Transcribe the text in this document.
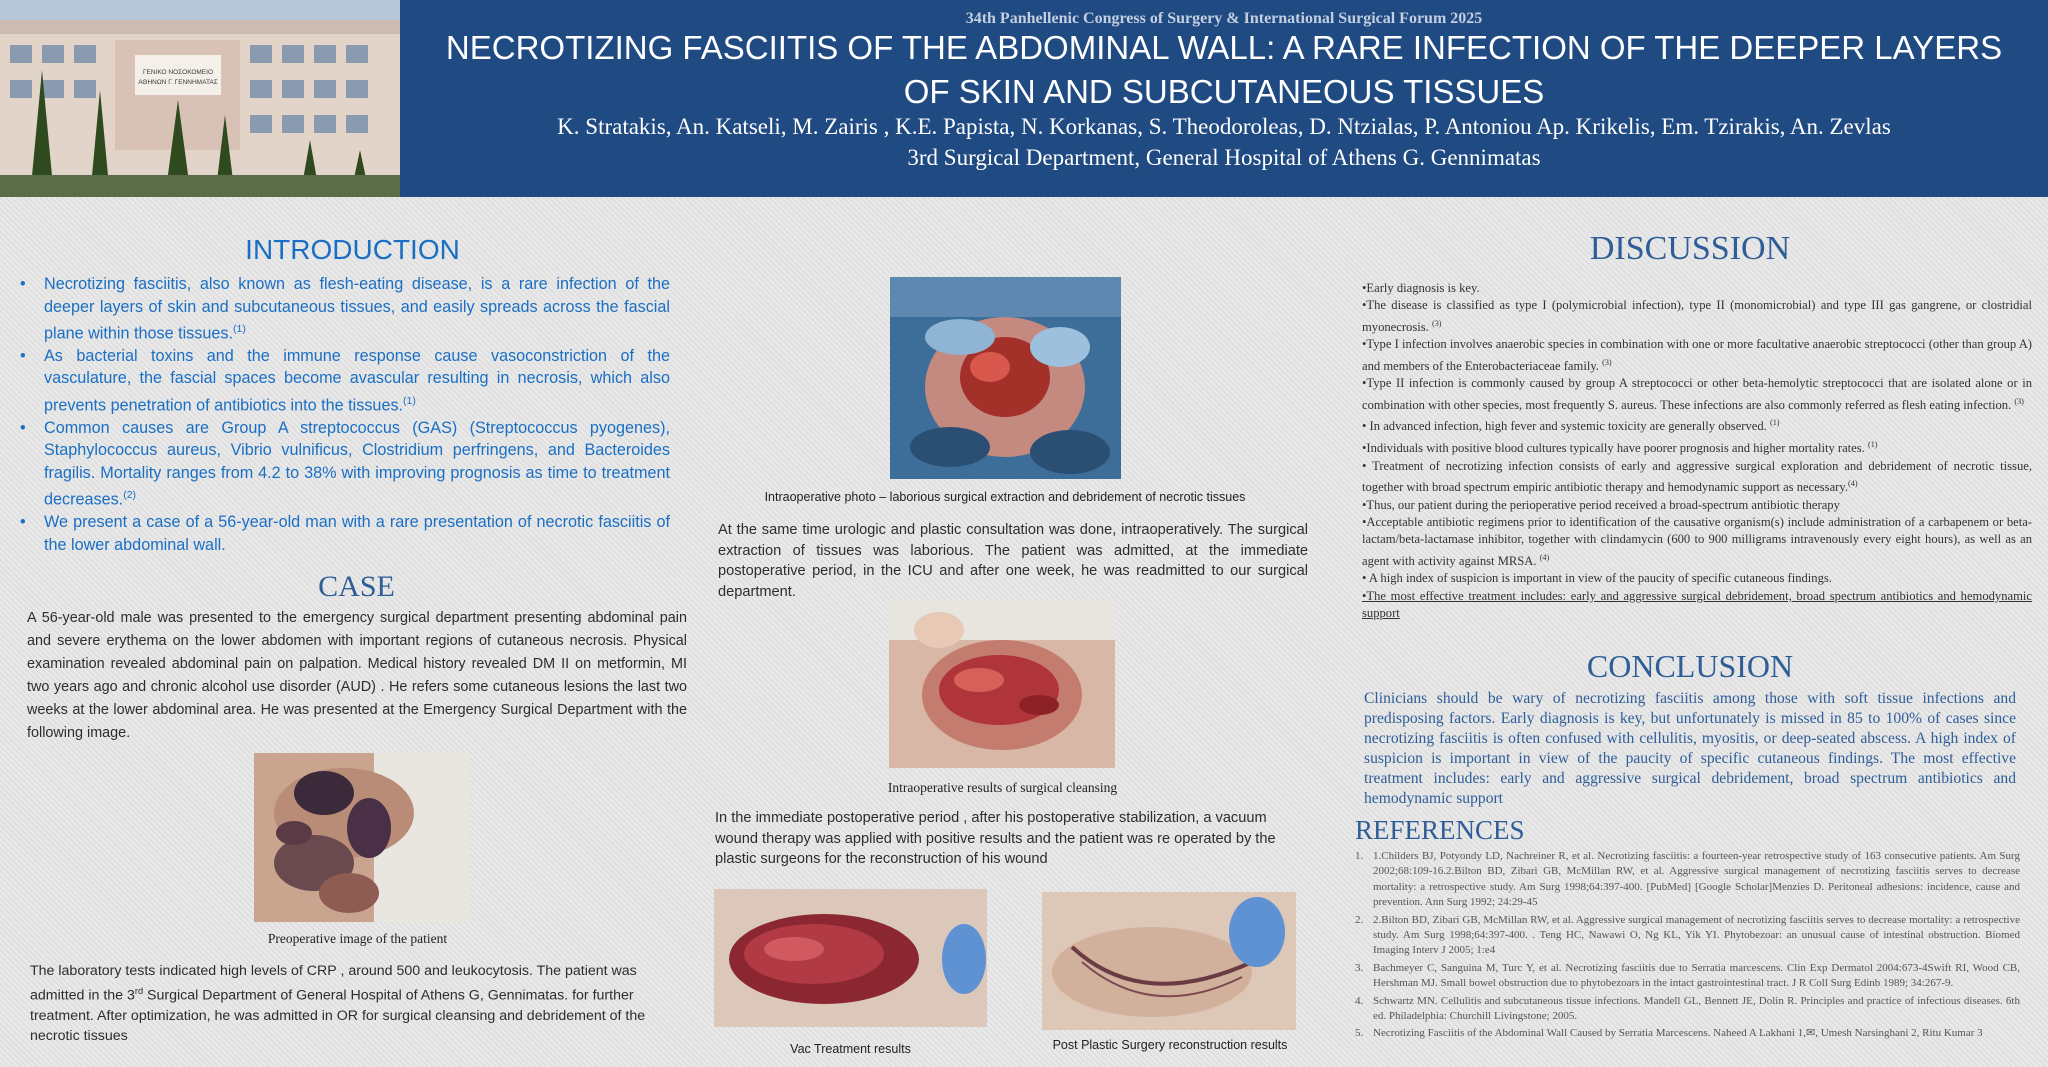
ΓΕΝΙΚΟ ΝΟΣΟΚΟΜΕΙΟ
ΑΘΗΝΩΝ Γ. ΓΕΝΝΗΜΑΤΑΣ
34th Panhellenic Congress of Surgery & International Surgical Forum 2025
NECROTIZING FASCIITIS OF THE ABDOMINAL WALL: A RARE INFECTION OF THE DEEPER LAYERS OF SKIN AND SUBCUTANEOUS TISSUES
K. Stratakis, An. Katseli, M. Zairis , K.E. Papista, N. Korkanas, S. Theodoroleas, D. Ntzialas, P. Antoniou Ap. Krikelis, Em. Tzirakis, An. Zevlas
3rd Surgical Department, General Hospital of Athens G. Gennimatas
INTRODUCTION
• Necrotizing fasciitis, also known as flesh-eating disease, is a rare infection of the deeper layers of skin and subcutaneous tissues, and easily spreads across the fascial plane within those tissues.$^{(1)}$
• As bacterial toxins and the immune response cause vasoconstriction of the vasculature, the fascial spaces become avascular resulting in necrosis, which also prevents penetration of antibiotics into the tissues.$^{(1)}$
• Common causes are Group A streptococcus (GAS) (Streptococcus pyogenes), Staphylococcus aureus, Vibrio vulnificus, Clostridium perfringens, and Bacteroides fragilis. Mortality ranges from 4.2 to 38% with improving prognosis as time to treatment decreases.$^{(2)}$
• We present a case of a 56-year-old man with a rare presentation of necrotic fasciitis of the lower abdominal wall.
CASE
A 56-year-old male was presented to the emergency surgical department presenting abdominal pain and severe erythema on the lower abdomen with important regions of cutaneous necrosis. Physical examination revealed abdominal pain on palpation. Medical history revealed DM II on metformin, MI two years ago and chronic alcohol use disorder (AUD) . He refers some cutaneous lesions the last two weeks at the lower abdominal area. He was presented at the Emergency Surgical Department with the following image.
Preoperative image of the patient
The laboratory tests indicated high levels of CRP , around 500 and leukocytosis. The patient was admitted in the 3rd Surgical Department of General Hospital of Athens G, Gennimatas. for further treatment. After optimization, he was admitted in OR for surgical cleansing and debridement of the necrotic tissues
Intraoperative photo – laborious surgical extraction and debridement of necrotic tissues
At the same time urologic and plastic consultation was done, intraoperatively. The surgical extraction of tissues was laborious. The patient was admitted, at the immediate postoperative period, in the ICU and after one week, he was readmitted to our surgical department.
Intraoperative results of surgical cleansing
In the immediate postoperative period , after his postoperative stabilization, a vacuum wound therapy was applied with positive results and the patient was re operated by the plastic surgeons for the reconstruction of his wound
Vac Treatment results	Post Plastic Surgery reconstruction results
DISCUSSION
•Early diagnosis is key.
•The disease is classified as type I (polymicrobial infection), type II (monomicrobial) and type III gas gangrene, or clostridial myonecrosis. $^{(3)}$
•Type I infection involves anaerobic species in combination with one or more facultative anaerobic streptococci (other than group A) and members of the Enterobacteriaceae family. $^{(3)}$
•Type II infection is commonly caused by group A streptococci or other beta-hemolytic streptococci that are isolated alone or in combination with other species, most frequently S. aureus. These infections are also commonly referred as flesh eating infection. $^{(3)}$
• In advanced infection, high fever and systemic toxicity are generally observed. $^{(1)}$
•Individuals with positive blood cultures typically have poorer prognosis and higher mortality rates. $^{(1)}$
• Treatment of necrotizing infection consists of early and aggressive surgical exploration and debridement of necrotic tissue, together with broad spectrum empiric antibiotic therapy and hemodynamic support as necessary.$^{(4)}$
•Thus, our patient during the perioperative period received a broad-spectrum antibiotic therapy
•Acceptable antibiotic regimens prior to identification of the causative organism(s) include administration of a carbapenem or beta-lactam/beta-lactamase inhibitor, together with clindamycin (600 to 900 milligrams intravenously every eight hours), as well as an agent with activity against MRSA. $^{(4)}$
• A high index of suspicion is important in view of the paucity of specific cutaneous findings.
•The most effective treatment includes: early and aggressive surgical debridement, broad spectrum antibiotics and hemodynamic support
CONCLUSION
Clinicians should be wary of necrotizing fasciitis among those with soft tissue infections and predisposing factors. Early diagnosis is key, but unfortunately is missed in 85 to 100% of cases since necrotizing fasciitis is often confused with cellulitis, myositis, or deep-seated abscess. A high index of suspicion is important in view of the paucity of specific cutaneous findings. The most effective treatment includes: early and aggressive surgical debridement, broad spectrum antibiotics and hemodynamic support
REFERENCES
1. 1.Childers BJ, Potyondy LD, Nachreiner R, et al. Necrotizing fasciitis: a fourteen-year retrospective study of 163 consecutive patients. Am Surg 2002;68:109-16.2.Bilton BD, Zibari GB, McMillan RW, et al. Aggressive surgical management of necrotizing fasciitis serves to decrease mortality: a retrospective study. Am Surg 1998;64:397-400. [PubMed] [Google Scholar]Menzies D. Peritoneal adhesions: incidence, cause and prevention. Ann Surg 1992; 24:29-45
2. 2.Bilton BD, Zibari GB, McMillan RW, et al. Aggressive surgical management of necrotizing fasciitis serves to decrease mortality: a retrospective study. Am Surg 1998;64:397-400. . Teng HC, Nawawi O, Ng KL, Yik YI. Phytobezoar: an unusual cause of intestinal obstruction. Biomed Imaging Interv J 2005; 1:e4
3. Bachmeyer C, Sanguina M, Turc Y, et al. Necrotizing fasciitis due to Serratia marcescens. Clin Exp Dermatol 2004:673-4Swift RI, Wood CB, Hershman MJ. Small bowel obstruction due to phytobezoars in the intact gastrointestinal tract. J R Coll Surg Edinb 1989; 34:267-9.
4. Schwartz MN. Cellulitis and subcutaneous tissue infections. Mandell GL, Bennett JE, Dolin R. Principles and practice of infectious diseases. 6th ed. Philadelphia: Churchill Livingstone; 2005.
5. Necrotizing Fasciitis of the Abdominal Wall Caused by Serratia Marcescens. Naheed A Lakhani 1,✉, Umesh Narsinghani 2, Ritu Kumar 3
